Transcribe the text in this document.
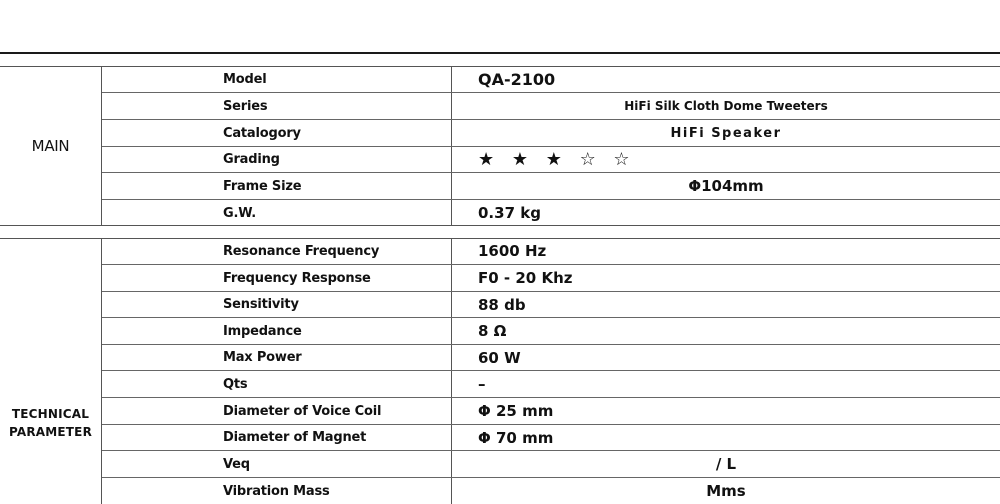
MAIN
Model	QA-2100
Series	HiFi Silk Cloth Dome Tweeters
Catalogory	HiFi Speaker
Grading	★ ★ ★ ☆ ☆
Frame Size	Φ104mm
G.W.	0.37 kg
TECHNICAL
PARAMETER
Resonance Frequency	1600 Hz
Frequency Response	F0 - 20 Khz
Sensitivity	88 db
Impedance	8 Ω
Max Power	60 W
Qts	–
Diameter of Voice Coil	Φ 25 mm
Diameter of Magnet	Φ 70 mm
Veq	/ L
Vibration Mass	Mms
